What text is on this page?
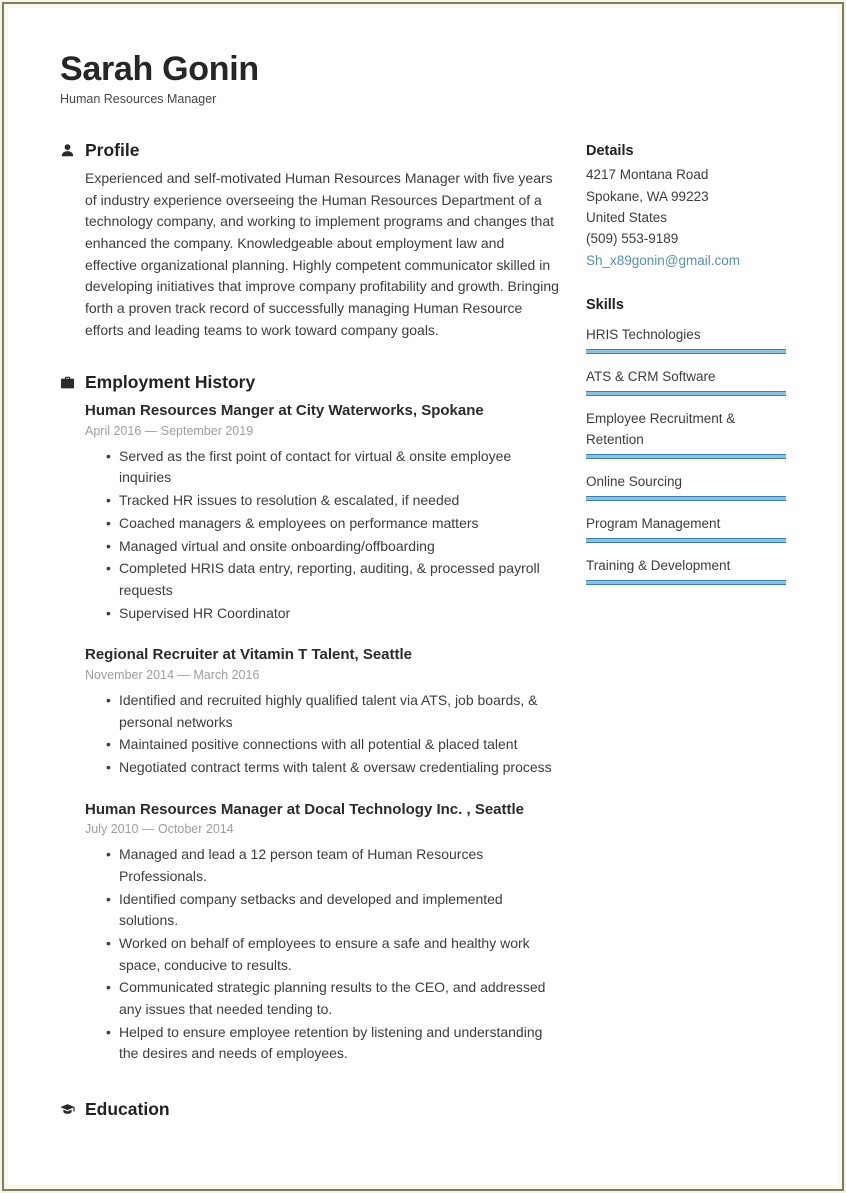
Sarah Gonin
Human Resources Manager
Profile

Experienced and self-motivated Human Resources Manager with five years of industry experience overseeing the Human Resources Department of a technology company, and working to implement programs and changes that enhanced the company. Knowledgeable about employment law and effective organizational planning. Highly competent communicator skilled in developing initiatives that improve company profitability and growth. Bringing forth a proven track record of successfully managing Human Resource efforts and leading teams to work toward company goals.

Employment History
Human Resources Manger at City Waterworks, Spokane
April 2016 — September 2019
• Served as the first point of contact for virtual & onsite employee inquiries
• Tracked HR issues to resolution & escalated, if needed
• Coached managers & employees on performance matters
• Managed virtual and onsite onboarding/offboarding
• Completed HRIS data entry, reporting, auditing, & processed payroll requests
• Supervised HR Coordinator
Regional Recruiter at Vitamin T Talent, Seattle
November 2014 — March 2016
• Identified and recruited highly qualified talent via ATS, job boards, & personal networks
• Maintained positive connections with all potential & placed talent
• Negotiated contract terms with talent & oversaw credentialing process
Human Resources Manager at Docal Technology Inc. , Seattle
July 2010 — October 2014
• Managed and lead a 12 person team of Human Resources Professionals.
• Identified company setbacks and developed and implemented solutions.
• Worked on behalf of employees to ensure a safe and healthy work space, conducive to results.
• Communicated strategic planning results to the CEO, and addressed any issues that needed tending to.
• Helped to ensure employee retention by listening and understanding the desires and needs of employees.
Education
Details
4217 Montana Road
Spokane, WA 99223
United States
(509) 553-9189
Sh_x89gonin@gmail.com
Skills
HRIS Technologies
ATS & CRM Software
Employee Recruitment & Retention
Online Sourcing
Program Management
Training & Development
